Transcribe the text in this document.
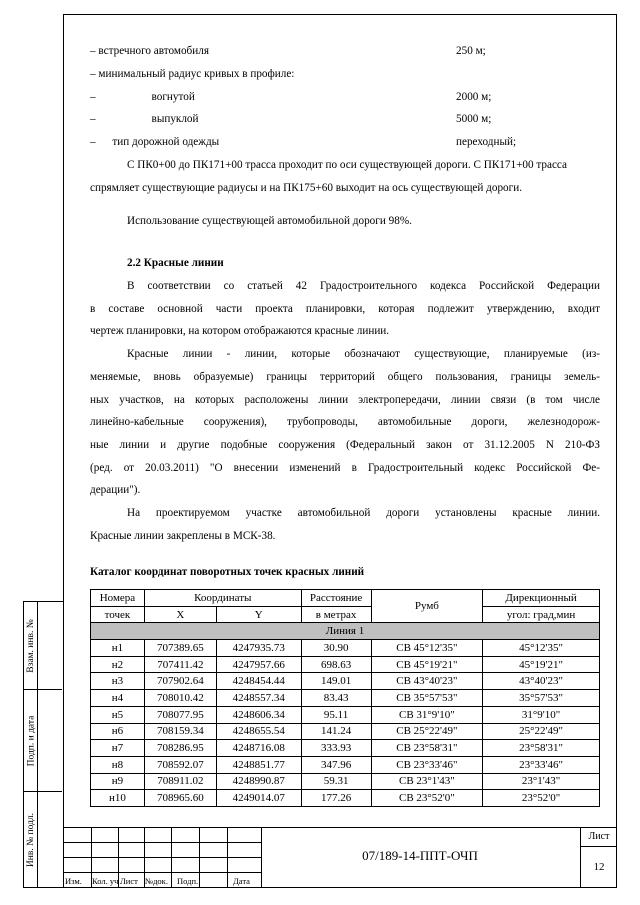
Взам. инв. №
Подп. и дата
Инв. № подл.
– встречного автомобиля	250 м;
– минимальный радиус кривых в профиле:
–                    вогнутой	2000 м;
–                    выпуклой	5000 м;
–      тип дорожной одежды	переходный;
С ПК0+00 до ПК171+00 трасса проходит по оси существующей дороги. С ПК171+00 трасса
спрямляет существующие радиусы и на ПК175+60 выходит на ось существующей дороги.
Использование существующей автомобильной дороги 98%.
2.2 Красные линии
В соответствии со статьей 42 Градостроительного кодекса Российской Федерации
в составе основной части проекта планировки, которая подлежит утверждению, входит
чертеж планировки, на котором отображаются красные линии.
Красные линии - линии, которые обозначают существующие, планируемые (из-
меняемые, вновь образуемые) границы территорий общего пользования, границы земель-
ных участков, на которых расположены линии электропередачи, линии связи (в том числе
линейно-кабельные сооружения), трубопроводы, автомобильные дороги, железнодорож-
ные линии и другие подобные сооружения (Федеральный закон от 31.12.2005 N 210-ФЗ
(ред. от 20.03.2011) "О внесении изменений в Градостроительный кодекс Российской Фе-
дерации").
На проектируемом участке автомобильной дороги установлены красные линии.
Красные линии закреплены в МСК-38.
Каталог координат поворотных точек красных линий
Номера	Координаты		Расстояние	Румб	Дирекционный
точек	X	Y	в метрах		угол: град,мин
Линия 1					
н1	707389.65	4247935.73	30.90	СВ 45°12'35"	45°12'35"
н2	707411.42	4247957.66	698.63	СВ 45°19'21"	45°19'21"
н3	707902.64	4248454.44	149.01	СВ 43°40'23"	43°40'23"
н4	708010.42	4248557.34	83.43	СВ 35°57'53"	35°57'53"
н5	708077.95	4248606.34	95.11	СВ 31°9'10"	31°9'10"
н6	708159.34	4248655.54	141.24	СВ 25°22'49"	25°22'49"
н7	708286.95	4248716.08	333.93	СВ 23°58'31"	23°58'31"
н8	708592.07	4248851.77	347.96	СВ 23°33'46"	23°33'46"
н9	708911.02	4248990.87	59.31	СВ 23°1'43"	23°1'43"
н10	708965.60	4249014.07	177.26	СВ 23°52'0"	23°52'0"
Изм. Кол. уч Лист №док. Подп.	Дата
07/189-14-ППТ-ОЧП
Лист
12
